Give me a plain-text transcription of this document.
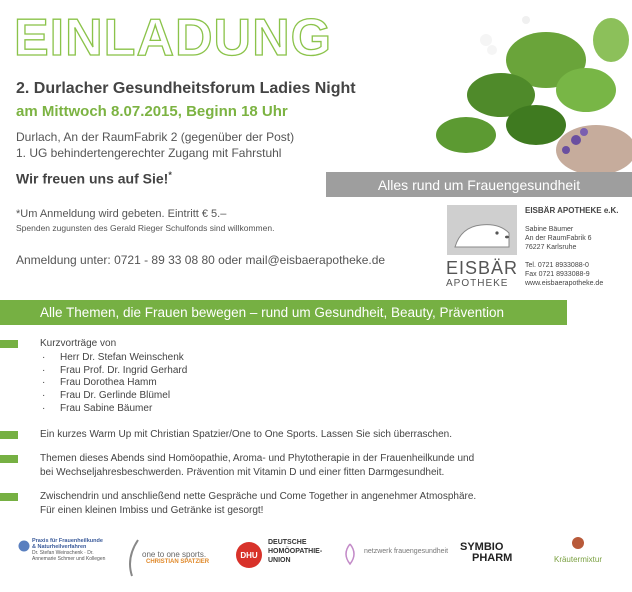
EINLADUNG
2. Durlacher Gesundheitsforum Ladies Night
am Mittwoch 8.07.2015, Beginn 18 Uhr
Durlach, An der RaumFabrik 2 (gegenüber der Post)
1. UG behindertengerechter Zugang mit Fahrstuhl
Wir freuen uns auf Sie!*
Alles rund um Frauengesundheit
*Um Anmeldung wird gebeten. Eintritt € 5.–
Spenden zugunsten des Gerald Rieger Schulfonds sind willkommen.
Anmeldung unter: 0721 - 89 33 08 80 oder mail@eisbaerapotheke.de	EISBÄR
APOTHEKE
EISBÄR APOTHEKE e.K.

Sabine Bäumer
An der RaumFabrik 6
76227 Karlsruhe

Tel. 0721 8933088-0
Fax 0721 8933088-9
www.eisbaerapotheke.de
Alle Themen, die Frauen bewegen – rund um Gesundheit, Beauty, Prävention
Kurzvorträge von
· Herr Dr. Stefan Weinschenk
· Frau Prof. Dr. Ingrid Gerhard
· Frau Dorothea Hamm
· Frau Dr. Gerlinde Blümel
· Frau Sabine Bäumer
Ein kurzes Warm Up mit Christian Spatzier/One to One Sports. Lassen Sie sich überraschen.
Themen dieses Abends sind Homöopathie, Aroma- und Phytotherapie in der Frauenheilkunde und
bei Wechseljahresbeschwerden. Prävention mit Vitamin D und einer fitten Darmgesundheit.
Zwischendrin und anschließend nette Gespräche und Come Together in angenehmer Atmosphäre.
Für einen kleinen Imbiss und Getränke ist gesorgt!
Praxis für Frauenheilkunde & Naturheilverfahren
Dr. Stefan Weinschenk · Dr. Annemarie Schmer und Kollegen	one to one sports.
CHRISTIAN SPATZIER
DHU
DEUTSCHE HOMÖOPATHIE-UNION
netzwerk frauengesundheit	SYMBIO
PHARM	Kräutermixtur
